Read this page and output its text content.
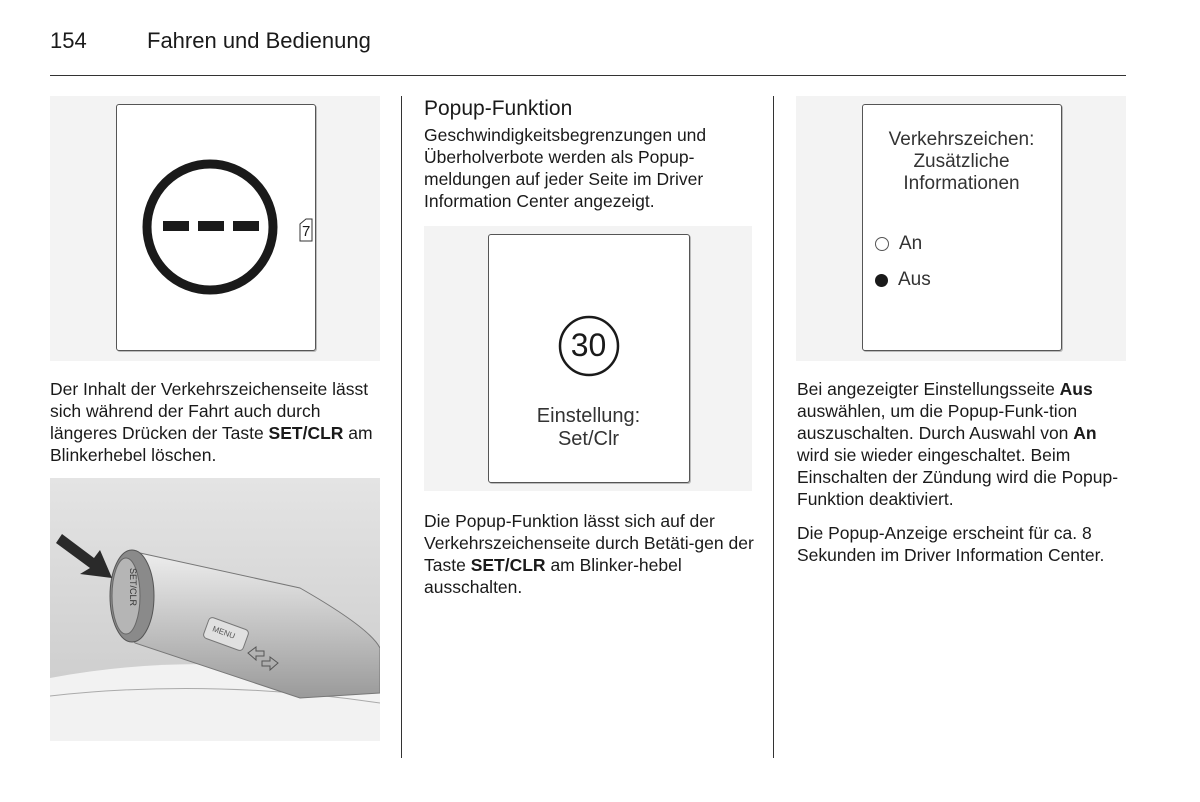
154	Fahren und Bedienung
7

Der Inhalt der Verkehrszeichenseite lässt sich während der Fahrt auch durch längeres Drücken der Taste SET/CLR am Blinkerhebel löschen.

SET/CLR
MENU
Popup-Funktion

Geschwindigkeitsbegrenzungen und Überholverbote werden als Popup-meldungen auf jeder Seite im Driver Information Center angezeigt.

30
Einstellung:
Set/Clr

Die Popup-Funktion lässt sich auf der Verkehrszeichenseite durch Betäti-gen der Taste SET/CLR am Blinker-hebel ausschalten.

Verkehrszeichen:
Zusätzliche
Informationen
An
Aus

Bei angezeigter Einstellungsseite Aus auswählen, um die Popup-Funk-tion auszuschalten. Durch Auswahl von An wird sie wieder eingeschaltet. Beim Einschalten der Zündung wird die Popup-Funktion deaktiviert.

Die Popup-Anzeige erscheint für ca. 8 Sekunden im Driver Information Center.
